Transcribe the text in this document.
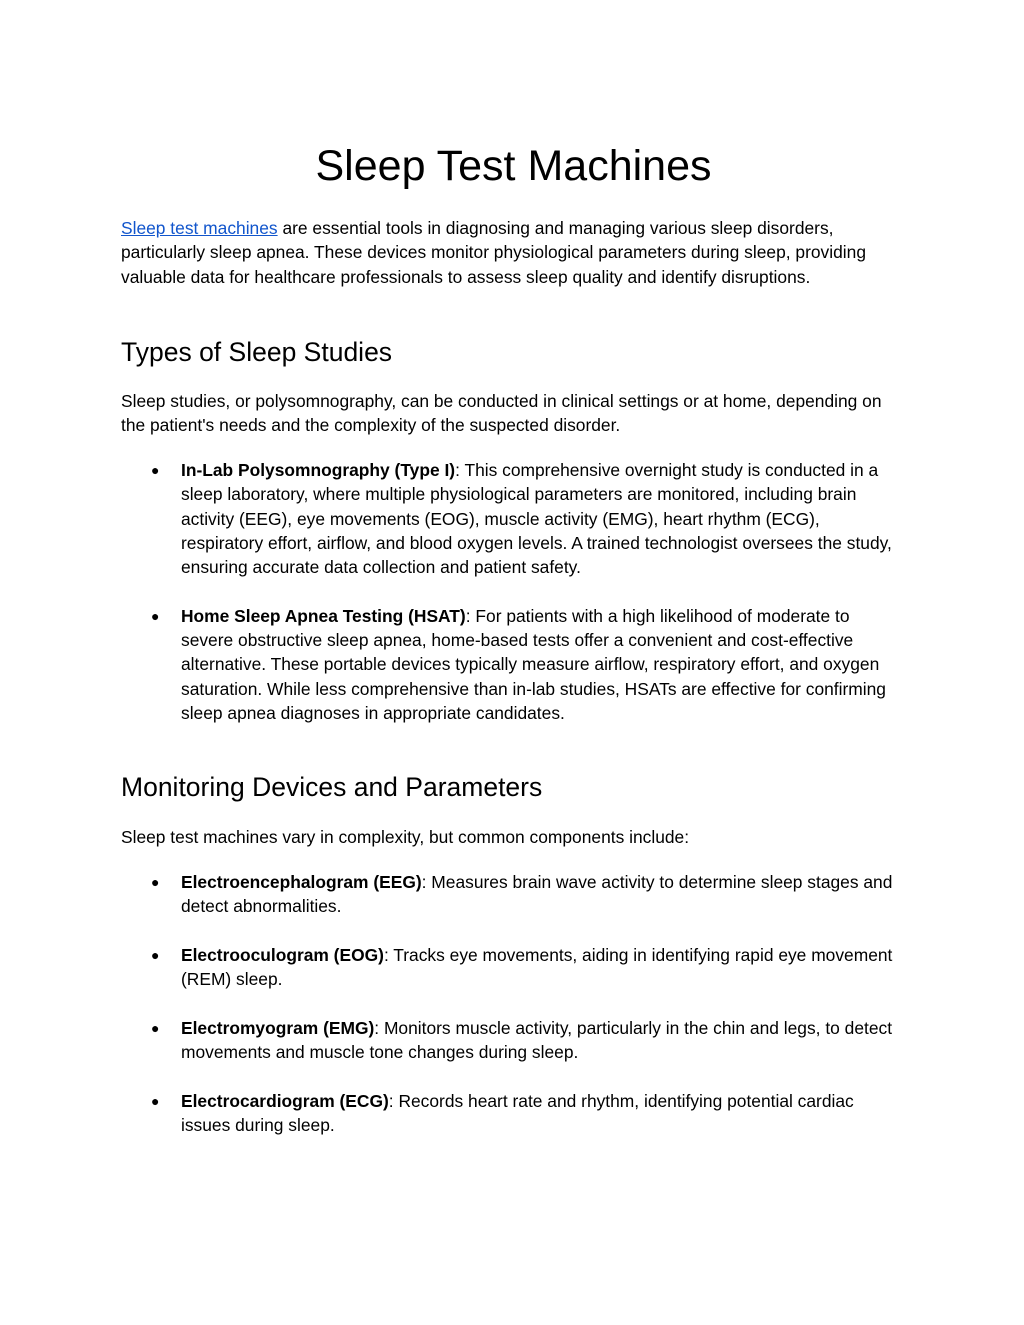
Sleep Test Machines

Sleep test machines are essential tools in diagnosing and managing various sleep disorders, particularly sleep apnea. These devices monitor physiological parameters during sleep, providing valuable data for healthcare professionals to assess sleep quality and identify disruptions.

Types of Sleep Studies

Sleep studies, or polysomnography, can be conducted in clinical settings or at home, depending on the patient's needs and the complexity of the suspected disorder.

● In-Lab Polysomnography (Type I): This comprehensive overnight study is conducted in a sleep laboratory, where multiple physiological parameters are monitored, including brain activity (EEG), eye movements (EOG), muscle activity (EMG), heart rhythm (ECG), respiratory effort, airflow, and blood oxygen levels. A trained technologist oversees the study, ensuring accurate data collection and patient safety.
● Home Sleep Apnea Testing (HSAT): For patients with a high likelihood of moderate to severe obstructive sleep apnea, home-based tests offer a convenient and cost-effective alternative. These portable devices typically measure airflow, respiratory effort, and oxygen saturation. While less comprehensive than in-lab studies, HSATs are effective for confirming sleep apnea diagnoses in appropriate candidates.
Monitoring Devices and Parameters

Sleep test machines vary in complexity, but common components include:

● Electroencephalogram (EEG): Measures brain wave activity to determine sleep stages and detect abnormalities.
● Electrooculogram (EOG): Tracks eye movements, aiding in identifying rapid eye movement (REM) sleep.
● Electromyogram (EMG): Monitors muscle activity, particularly in the chin and legs, to detect movements and muscle tone changes during sleep.
● Electrocardiogram (ECG): Records heart rate and rhythm, identifying potential cardiac issues during sleep.
